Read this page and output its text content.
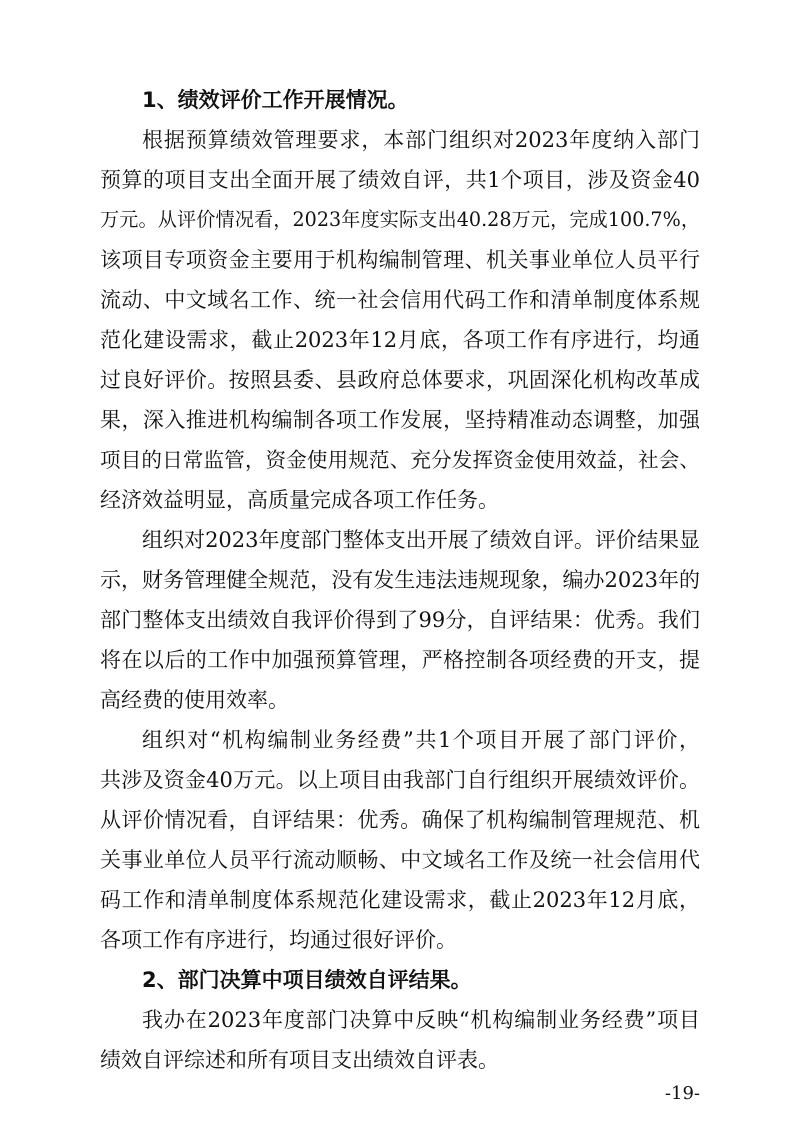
1、绩效评价工作开展情况。
根据预算绩效管理要求，本部门组织对2023年度纳入部门
预算的项目支出全面开展了绩效自评，共1个项目，涉及资金40
万元。从评价情况看，2023年度实际支出40.28万元，完成100.7%，
该项目专项资金主要用于机构编制管理、机关事业单位人员平行
流动、中文域名工作、统一社会信用代码工作和清单制度体系规
范化建设需求，截止2023年12月底，各项工作有序进行，均通
过良好评价。按照县委、县政府总体要求，巩固深化机构改革成
果，深入推进机构编制各项工作发展，坚持精准动态调整，加强
项目的日常监管，资金使用规范、充分发挥资金使用效益，社会、
经济效益明显，高质量完成各项工作任务。
组织对2023年度部门整体支出开展了绩效自评。评价结果显
示，财务管理健全规范，没有发生违法违规现象，编办2023年的
部门整体支出绩效自我评价得到了99分，自评结果：优秀。我们
将在以后的工作中加强预算管理，严格控制各项经费的开支，提
高经费的使用效率。
组织对“机构编制业务经费”共1个项目开展了部门评价，
共涉及资金40万元。以上项目由我部门自行组织开展绩效评价。
从评价情况看，自评结果：优秀。确保了机构编制管理规范、机
关事业单位人员平行流动顺畅、中文域名工作及统一社会信用代
码工作和清单制度体系规范化建设需求，截止2023年12月底，
各项工作有序进行，均通过很好评价。
2、部门决算中项目绩效自评结果。
我办在2023年度部门决算中反映“机构编制业务经费”项目
绩效自评综述和所有项目支出绩效自评表。
-19-
